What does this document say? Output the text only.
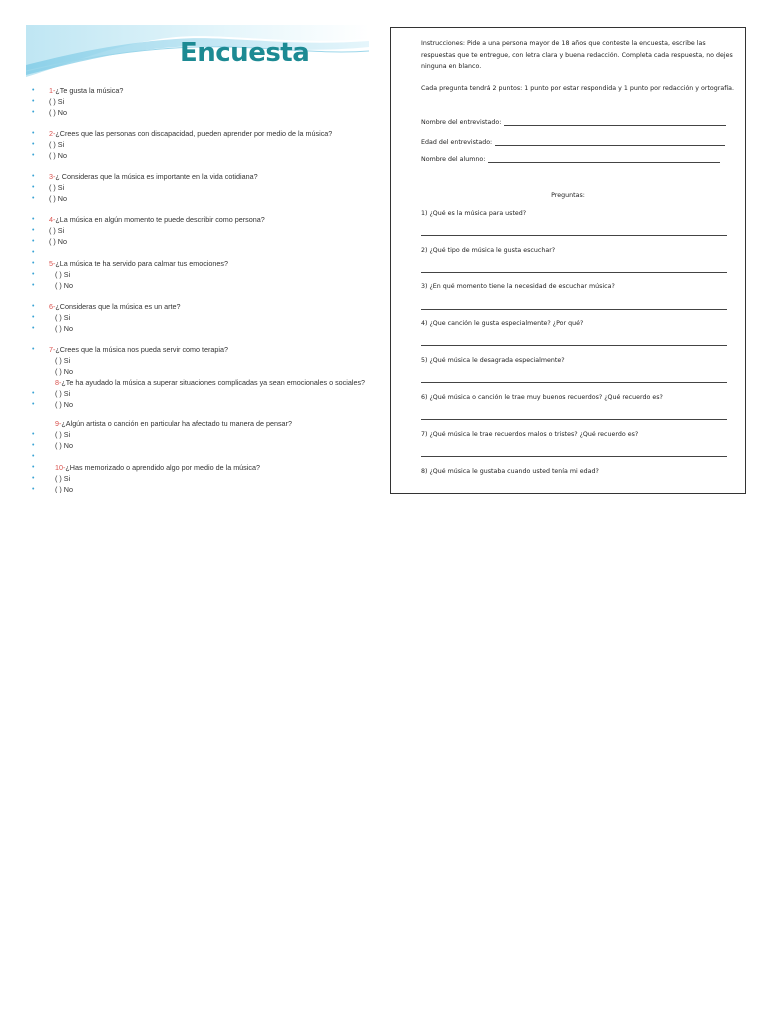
Encuesta
• 1-¿Te gusta la música?
• ( ) Si
• ( ) No
• 2-¿Crees que las personas con discapacidad, pueden aprender por medio de la música?
• ( ) Si
• ( ) No
• 3-¿ Consideras que la música es importante en la vida cotidiana?
• ( ) Si
• ( ) No
• 4-¿La música en algún momento te puede describir como persona?
• ( ) Si
• ( ) No
•
• 5-¿La música te ha servido para calmar tus emociones?
•	( ) Si
•	( ) No
• 6-¿Consideras que la música es un arte?
•	( ) Si
•	( ) No
• 7-¿Crees que la música nos pueda servir como terapia?
( ) Si
( ) No
8-¿Te ha ayudado la música a superar situaciones complicadas ya sean emocionales o sociales?
•	( ) Si
•	( ) No
9-¿Algún artista o canción en particular ha afectado tu manera de pensar?
•	( ) Si
•	( ) No
•
•	10-¿Has memorizado o aprendido algo por medio de la música?
•	( ) Si
•	( ) No
Instrucciones: Pide a una persona mayor de 18 años que conteste la encuesta, escribe las respuestas que te entregue, con letra clara y buena redacción. Completa cada respuesta, no dejes ninguna en blanco.
Cada pregunta tendrá 2 puntos: 1 punto por estar respondida y 1 punto por redacción y ortografía.
Nombre del entrevistado:
Edad del entrevistado:
Nombre del alumno:
Preguntas:
1) ¿Qué es la música para usted?
2) ¿Qué tipo de música le gusta escuchar?
3) ¿En qué momento tiene la necesidad de escuchar música?
4) ¿Que canción le gusta especialmente? ¿Por qué?
5) ¿Qué música le desagrada especialmente?
6) ¿Qué música o canción le trae muy buenos recuerdos? ¿Qué recuerdo es?
7) ¿Qué música le trae recuerdos malos o tristes? ¿Qué recuerdo es?
8) ¿Qué música le gustaba cuando usted tenía mi edad?
